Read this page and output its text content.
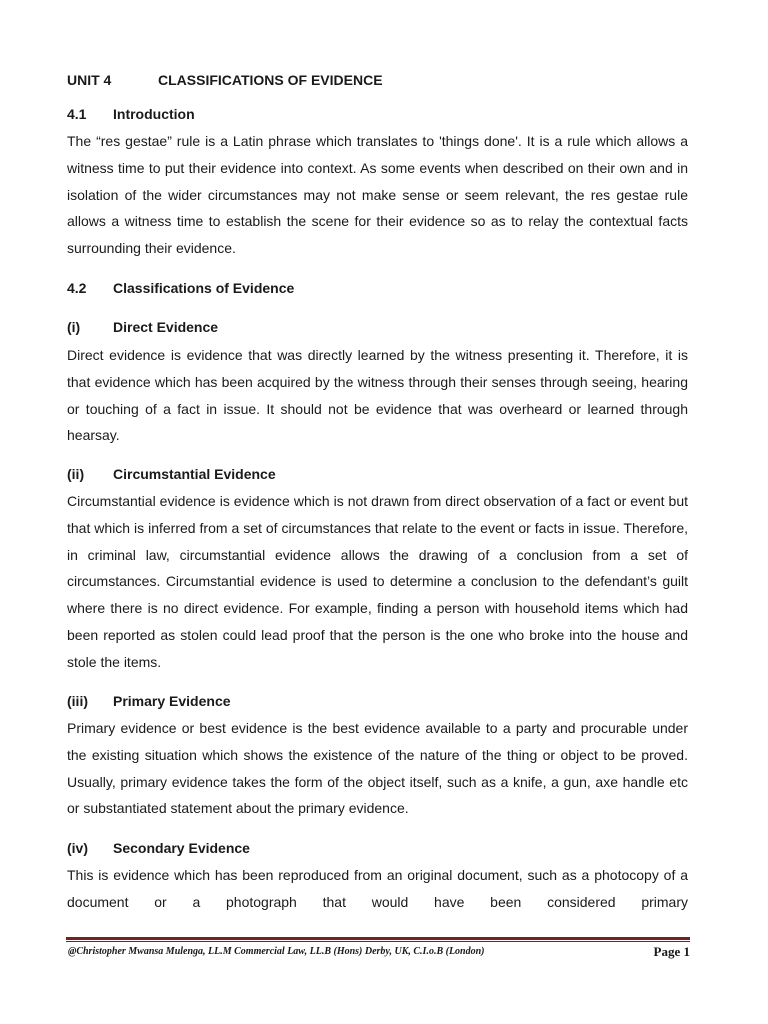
UNIT 4	CLASSIFICATIONS OF EVIDENCE
4.1 Introduction
The “res gestae” rule is a Latin phrase which translates to 'things done'. It is a rule which allows a witness time to put their evidence into context. As some events when described on their own and in isolation of the wider circumstances may not make sense or seem relevant, the res gestae rule allows a witness time to establish the scene for their evidence so as to relay the contextual facts surrounding their evidence.
4.2 Classifications of Evidence
(i) Direct Evidence
Direct evidence is evidence that was directly learned by the witness presenting it. Therefore, it is that evidence which has been acquired by the witness through their senses through seeing, hearing or touching of a fact in issue. It should not be evidence that was overheard or learned through hearsay.
(ii) Circumstantial Evidence
Circumstantial evidence is evidence which is not drawn from direct observation of a fact or event but that which is inferred from a set of circumstances that relate to the event or facts in issue. Therefore, in criminal law, circumstantial evidence allows the drawing of a conclusion from a set of circumstances. Circumstantial evidence is used to determine a conclusion to the defendant’s guilt where there is no direct evidence. For example, finding a person with household items which had been reported as stolen could lead proof that the person is the one who broke into the house and stole the items.
(iii) Primary Evidence
Primary evidence or best evidence is the best evidence available to a party and procurable under the existing situation which shows the existence of the nature of the thing or object to be proved. Usually, primary evidence takes the form of the object itself, such as a knife, a gun, axe handle etc or substantiated statement about the primary evidence.
(iv) Secondary Evidence
This is evidence which has been reproduced from an original document, such as a photocopy of a document or a photograph that would have been considered primary
@Christopher Mwansa Mulenga, LL.M Commercial Law, LL.B (Hons) Derby, UK, C.I.o.B (London)	Page 1
